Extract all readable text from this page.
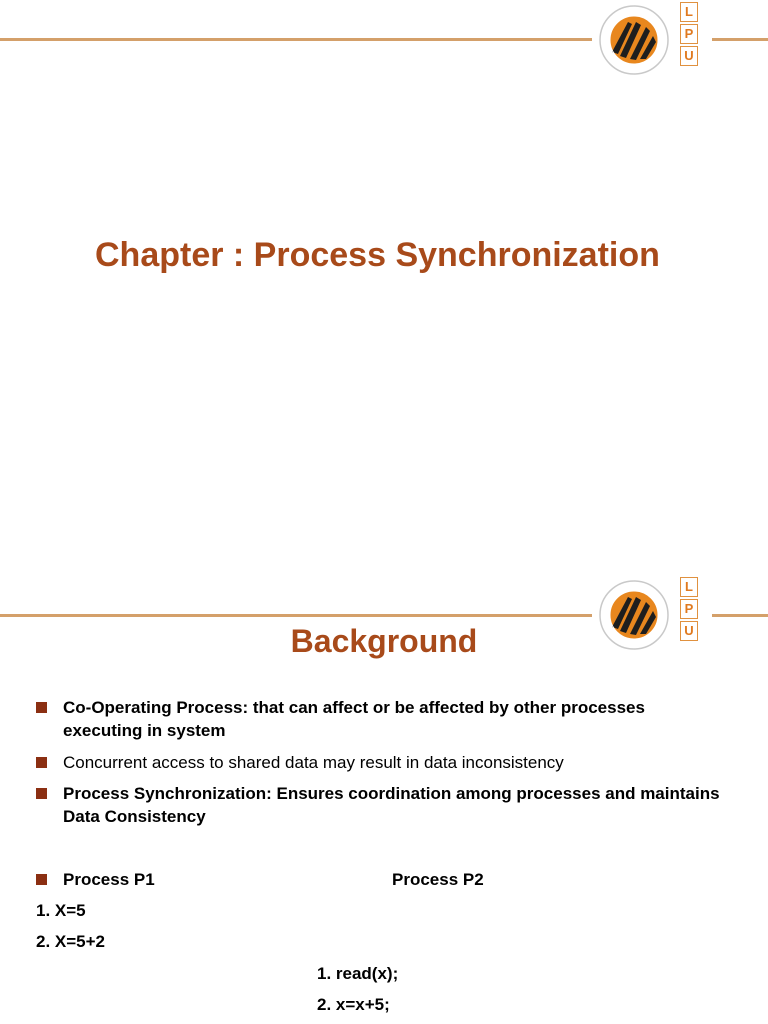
L
P
U
Chapter : Process Synchronization
L
P
U
Background
Co-Operating Process: that can affect or be affected by other processes executing in system
Concurrent access to shared data may result in data inconsistency
Process Synchronization: Ensures coordination among processes and maintains Data Consistency
Process P1	Process P2
1. X=5
2. X=5+2
1. read(x);
2. x=x+5;
